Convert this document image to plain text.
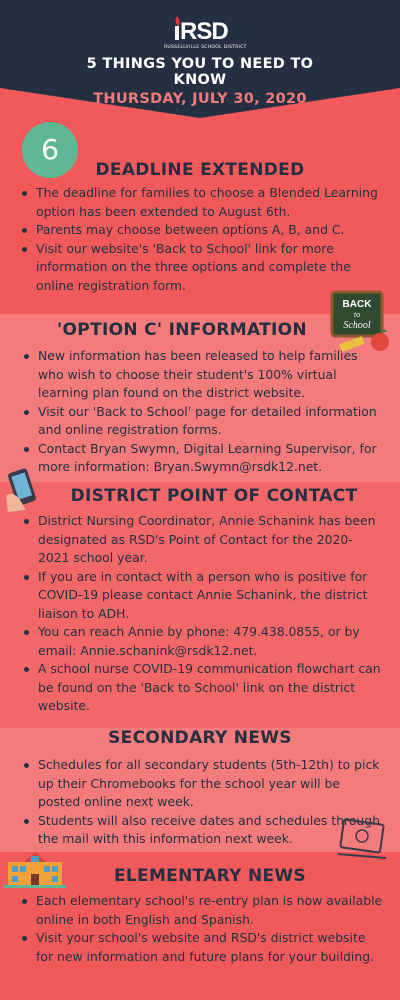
RSD
RUSSELLVILLE SCHOOL DISTRICT
5 THINGS YOU TO NEED TO KNOW
THURSDAY, JULY 30, 2020
6
DEADLINE EXTENDED
The deadline for families to choose a Blended Learning option has been extended to August 6th.
Parents may choose between options A, B, and C.
Visit our website's 'Back to School' link for more information on the three options and complete the online registration form.
'OPTION C' INFORMATION
New information has been released to help families who wish to choose their student's 100% virtual learning plan found on the district website.
Visit our 'Back to School' page for detailed information and online registration forms.
Contact Bryan Swymn, Digital Learning Supervisor, for more information: Bryan.Swymn@rsdk12.net.
BACK
to
School
DISTRICT POINT OF CONTACT
District Nursing Coordinator, Annie Schanink has been designated as RSD's Point of Contact for the 2020-2021 school year.
If you are in contact with a person who is positive for COVID-19 please contact Annie Schanink, the district liaison to ADH.
You can reach Annie by phone: 479.438.0855, or by email: Annie.schanink@rsdk12.net.
A school nurse COVID-19 communication flowchart can be found on the 'Back to School' link on the district website.
SECONDARY NEWS
Schedules for all secondary students (5th-12th) to pick up their Chromebooks for the school year will be posted online next week.
Students will also receive dates and schedules through the mail with this information next week.
ELEMENTARY NEWS
Each elementary school's re-entry plan is now available online in both English and Spanish.
Visit your school's website and RSD's district website for new information and future plans for your building.
